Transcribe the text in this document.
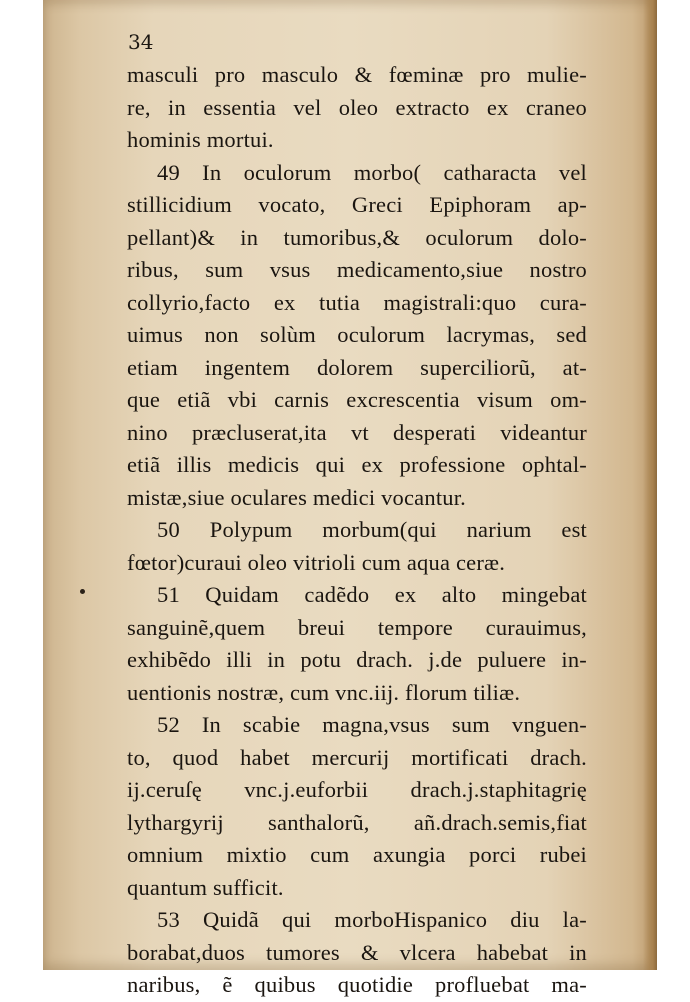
34
masculi pro masculo & fœminæ pro mulie-
re, in essentia vel oleo extracto ex craneo
hominis mortui.
49 In oculorum morbo( catharacta vel
stillicidium vocato, Greci Epiphoram ap-
pellant)& in tumoribus,& oculorum dolo-
ribus, sum vsus medicamento,siue nostro
collyrio,facto ex tutia magistrali:quo cura-
uimus non solùm oculorum lacrymas, sed
etiam ingentem dolorem superciliorũ, at-
que etiã vbi carnis excrescentia visum om-
nino præcluserat,ita vt desperati videantur
etiã illis medicis qui ex professione ophtal-
mistæ,siue oculares medici vocantur.
50 Polypum morbum(qui narium est
fœtor)curaui oleo vitrioli cum aqua ceræ.
51 Quidam cadẽdo ex alto mingebat
sanguinẽ,quem breui tempore curauimus,
exhibẽdo illi in potu drach. j.de puluere in-
uentionis nostræ, cum vnc.iij. florum tiliæ.
52 In scabie magna,vsus sum vnguen-
to, quod habet mercurij mortificati drach.
ij.ceruſę vnc.j.euforbii drach.j.staphitagrię
lythargyrij santhalorũ, añ.drach.semis,fiat
omnium mixtio cum axungia porci rubei
quantum sufficit.
53 Quidã qui morboHispanico diu la-
borabat,duos tumores & vlcera habebat in
naribus, ẽ quibus quotidie profluebat ma-
